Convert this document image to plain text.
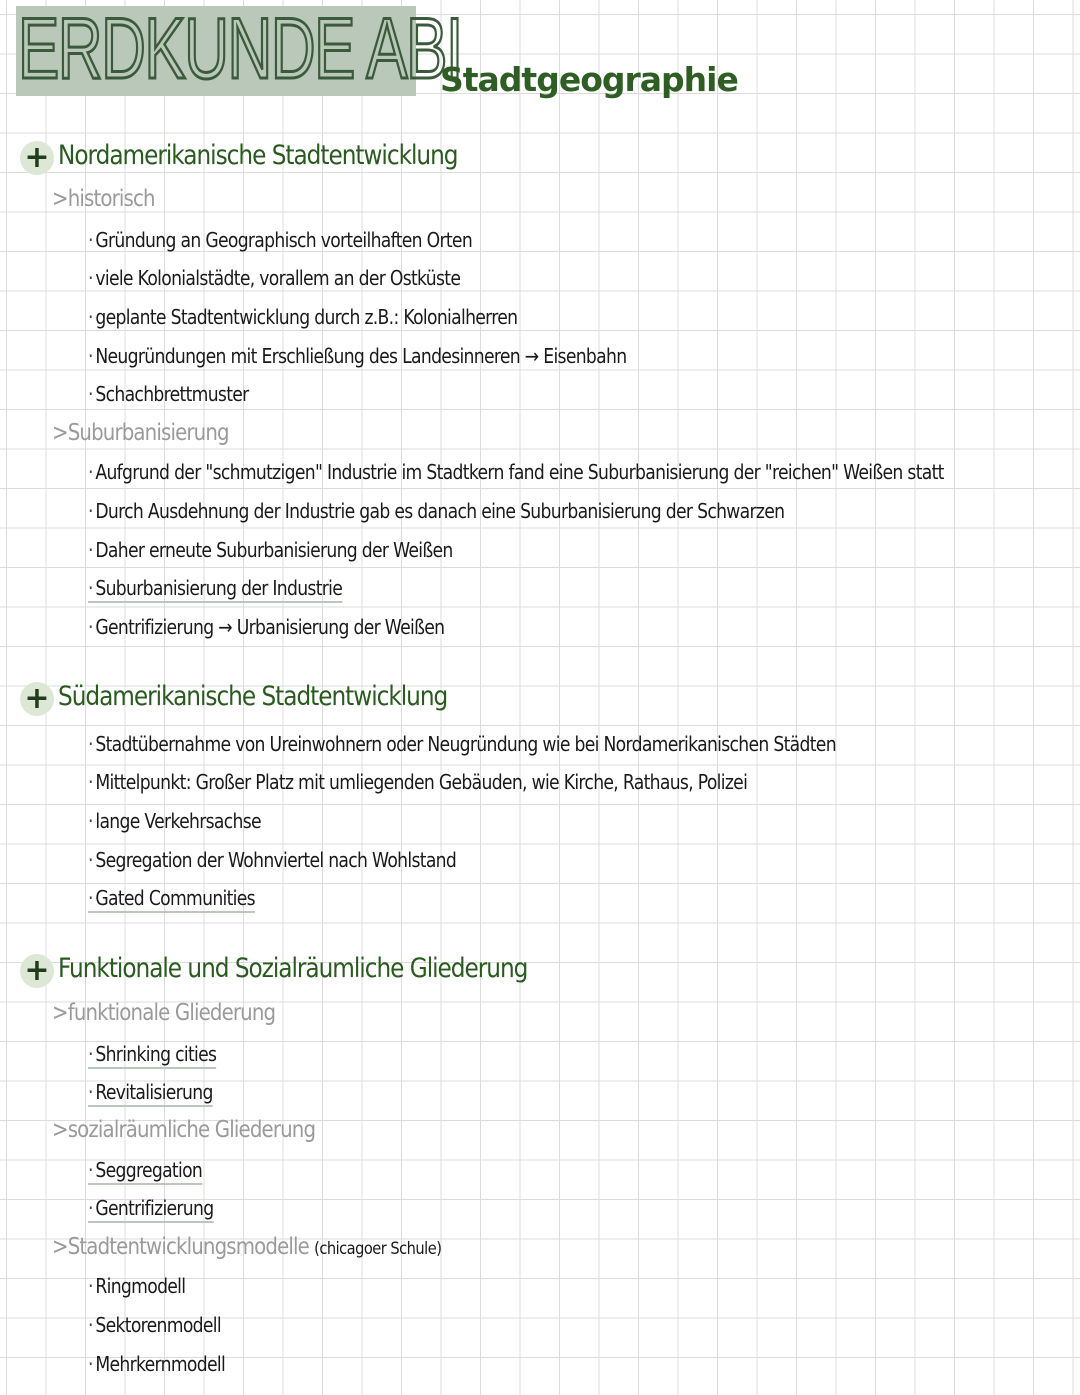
ERDKUNDE ABI
Stadtgeographie
+ Nordamerikanische Stadtentwicklung
>historisch
· Gründung an Geographisch vorteilhaften Orten
· viele Kolonialstädte, vorallem an der Ostküste
· geplante Stadtentwicklung durch z.B.: Kolonialherren
· Neugründungen mit Erschließung des Landesinneren → Eisenbahn
· Schachbrettmuster
>Suburbanisierung
· Aufgrund der "schmutzigen" Industrie im Stadtkern fand eine Suburbanisierung der "reichen" Weißen statt
· Durch Ausdehnung der Industrie gab es danach eine Suburbanisierung der Schwarzen
· Daher erneute Suburbanisierung der Weißen
· Suburbanisierung der Industrie
· Gentrifizierung → Urbanisierung der Weißen
+ Südamerikanische Stadtentwicklung
· Stadtübernahme von Ureinwohnern oder Neugründung wie bei Nordamerikanischen Städten
· Mittelpunkt: Großer Platz mit umliegenden Gebäuden, wie Kirche, Rathaus, Polizei
· lange Verkehrsachse
· Segregation der Wohnviertel nach Wohlstand
· Gated Communities
+ Funktionale und Sozialräumliche Gliederung
>funktionale Gliederung
· Shrinking cities
· Revitalisierung
>sozialräumliche Gliederung
· Seggregation
· Gentrifizierung
>Stadtentwicklungsmodelle (chicagoer Schule)
· Ringmodell
· Sektorenmodell
· Mehrkernmodell
